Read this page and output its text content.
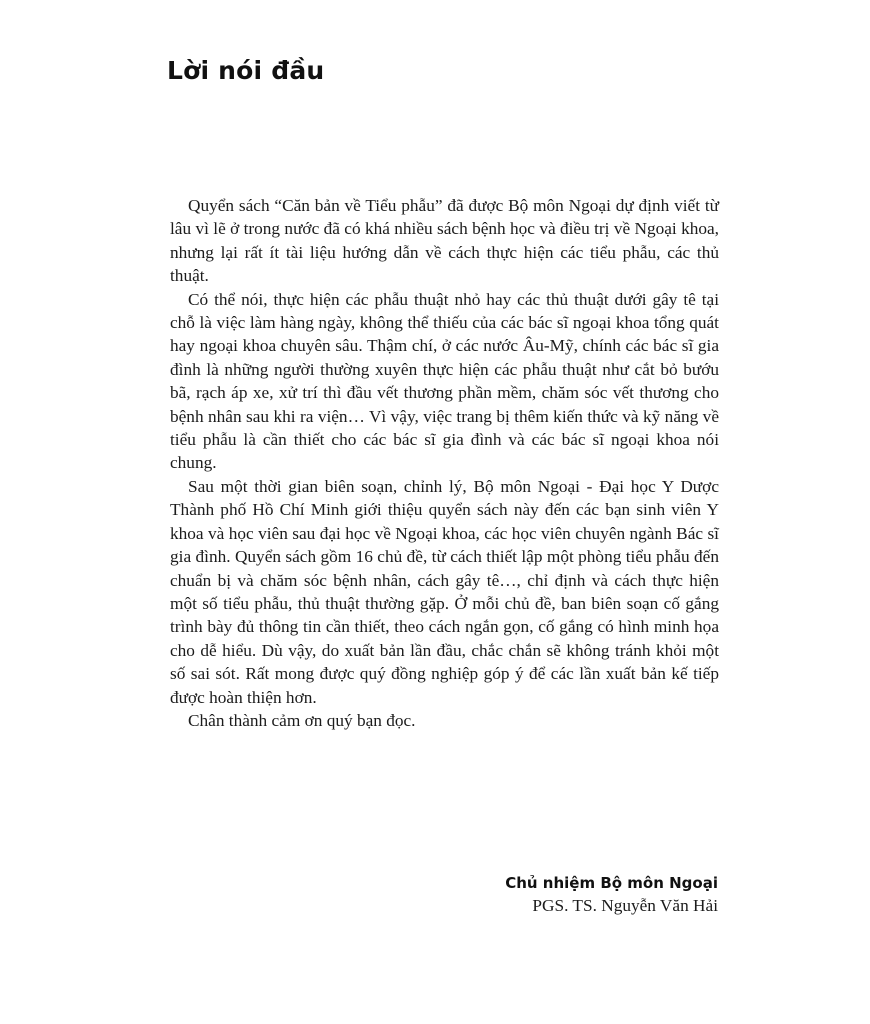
Lời nói đầu

Quyển sách “Căn bản về Tiểu phẫu” đã được Bộ môn Ngoại dự định viết từ lâu vì lẽ ở trong nước đã có khá nhiều sách bệnh học và điều trị về Ngoại khoa, nhưng lại rất ít tài liệu hướng dẫn về cách thực hiện các tiểu phẫu, các thủ thuật.

Có thể nói, thực hiện các phẫu thuật nhỏ hay các thủ thuật dưới gây tê tại chỗ là việc làm hàng ngày, không thể thiếu của các bác sĩ ngoại khoa tổng quát hay ngoại khoa chuyên sâu. Thậm chí, ở các nước Âu-Mỹ, chính các bác sĩ gia đình là những người thường xuyên thực hiện các phẫu thuật như cắt bỏ bướu bã, rạch áp xe, xử trí thì đầu vết thương phần mềm, chăm sóc vết thương cho bệnh nhân sau khi ra viện… Vì vậy, việc trang bị thêm kiến thức và kỹ năng về tiểu phẫu là cần thiết cho các bác sĩ gia đình và các bác sĩ ngoại khoa nói chung.

Sau một thời gian biên soạn, chỉnh lý, Bộ môn Ngoại - Đại học Y Dược Thành phố Hồ Chí Minh giới thiệu quyển sách này đến các bạn sinh viên Y khoa và học viên sau đại học về Ngoại khoa, các học viên chuyên ngành Bác sĩ gia đình. Quyển sách gồm 16 chủ đề, từ cách thiết lập một phòng tiểu phẫu đến chuẩn bị và chăm sóc bệnh nhân, cách gây tê…, chỉ định và cách thực hiện một số tiểu phẫu, thủ thuật thường gặp. Ở mỗi chủ đề, ban biên soạn cố gắng trình bày đủ thông tin cần thiết, theo cách ngắn gọn, cố gắng có hình minh họa cho dễ hiểu. Dù vậy, do xuất bản lần đầu, chắc chắn sẽ không tránh khỏi một số sai sót. Rất mong được quý đồng nghiệp góp ý để các lần xuất bản kế tiếp được hoàn thiện hơn.

Chân thành cảm ơn quý bạn đọc.

Chủ nhiệm Bộ môn Ngoại
PGS. TS. Nguyễn Văn Hải
